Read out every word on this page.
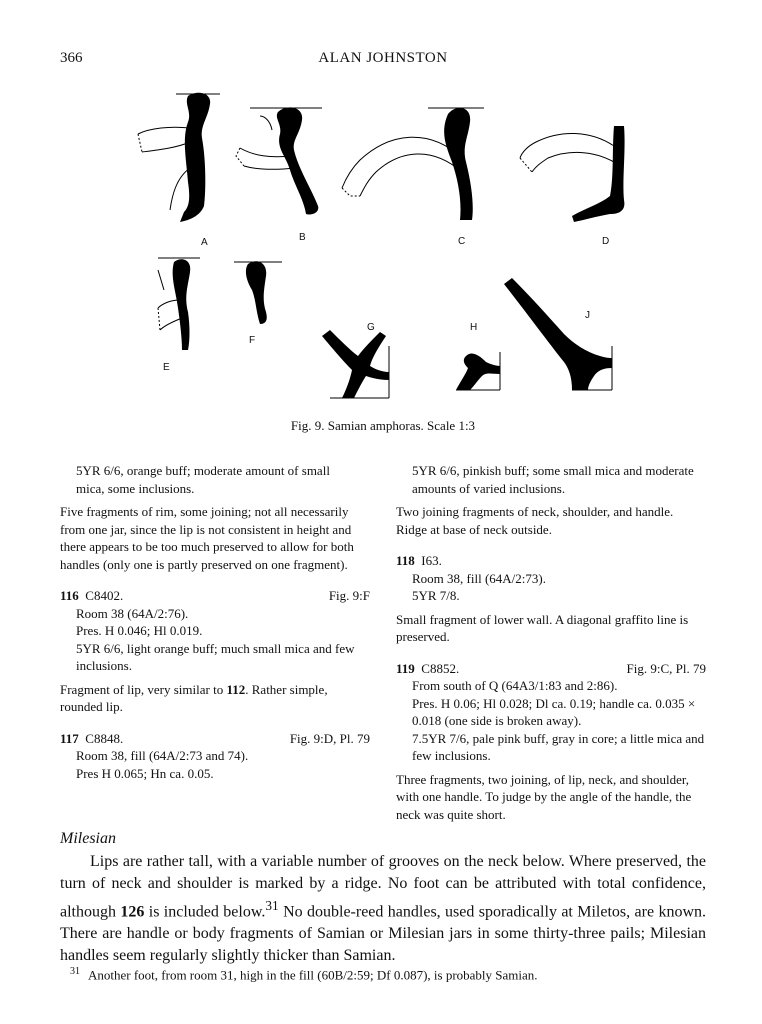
366	ALAN JOHNSTON
A	B	C	D
E
F
G	H
J
Fig. 9. Samian amphoras. Scale 1:3

5YR 6/6, orange buff; moderate amount of small

mica, some inclusions.

Five fragments of rim, some joining; not all necessarily from one jar, since the lip is not consistent in height and there appears to be too much preserved to allow for both handles (only one is partly preserved on one fragment).

116 C8402.	Fig. 9:F

Room 38 (64A/2:76).

Pres. H 0.046; Hl 0.019.

5YR 6/6, light orange buff; much small mica and few inclusions.

Fragment of lip, very similar to 112. Rather simple, rounded lip.

117 C8848.	Fig. 9:D, Pl. 79

Room 38, fill (64A/2:73 and 74).

Pres H 0.065; Hn ca. 0.05.

5YR 6/6, pinkish buff; some small mica and moderate amounts of varied inclusions.

Two joining fragments of neck, shoulder, and handle. Ridge at base of neck outside.

118 I63.

Room 38, fill (64A/2:73).

5YR 7/8.

Small fragment of lower wall. A diagonal graffito line is preserved.

119 C8852.	Fig. 9:C, Pl. 79

From south of Q (64A3/1:83 and 2:86).

Pres. H 0.06; Hl 0.028; Dl ca. 0.19; handle ca. 0.035 × 0.018 (one side is broken away).

7.5YR 7/6, pale pink buff, gray in core; a little mica and few inclusions.

Three fragments, two joining, of lip, neck, and shoulder, with one handle. To judge by the angle of the handle, the neck was quite short.

Milesian

Lips are rather tall, with a variable number of grooves on the neck below. Where preserved, the turn of neck and shoulder is marked by a ridge. No foot can be attributed with total confidence, although 126 is included below.$^{31}$ No double-reed handles, used sporadically at Miletos, are known. There are handle or body fragments of Samian or Milesian jars in some thirty-three pails; Milesian handles seem regularly slightly thicker than Samian.

$^{31}$ Another foot, from room 31, high in the fill (60B/2:59; Df 0.087), is probably Samian.
